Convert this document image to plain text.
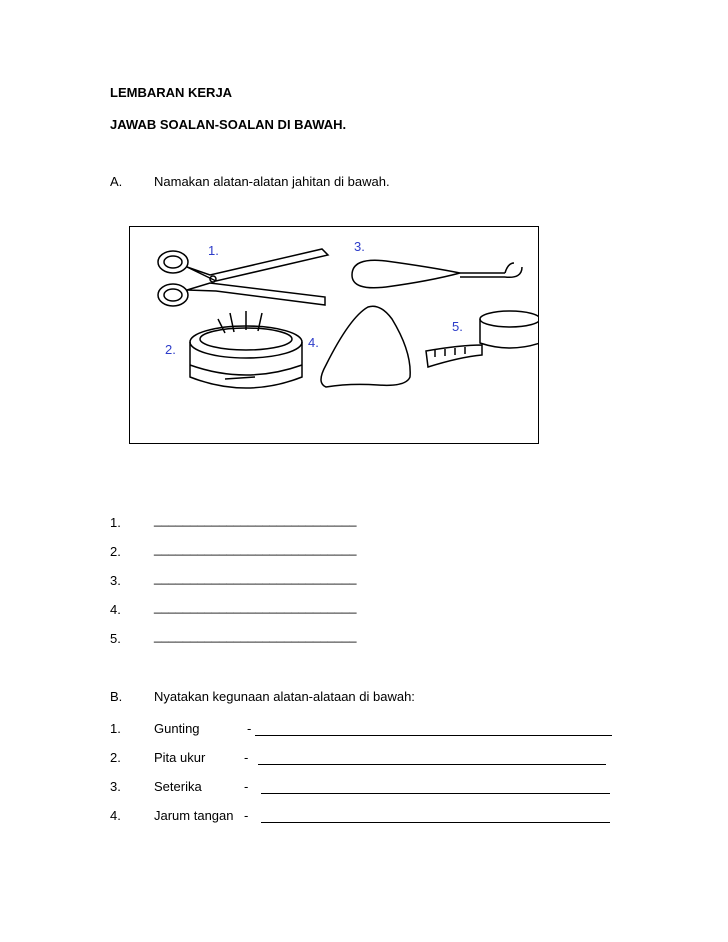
LEMBARAN KERJA
JAWAB SOALAN-SOALAN DI BAWAH.
A. Namakan alatan-alatan jahitan di bawah.
1.
2.
3.
4.
5.
1.	____________________________
2.	____________________________
3.	____________________________
4.	____________________________
5.	____________________________
B. Nyatakan kegunaan alatan-alataan di bawah:
1.	Gunting	-
2.	Pita ukur	-
3.	Seterika	-
4.	Jarum tangan -
